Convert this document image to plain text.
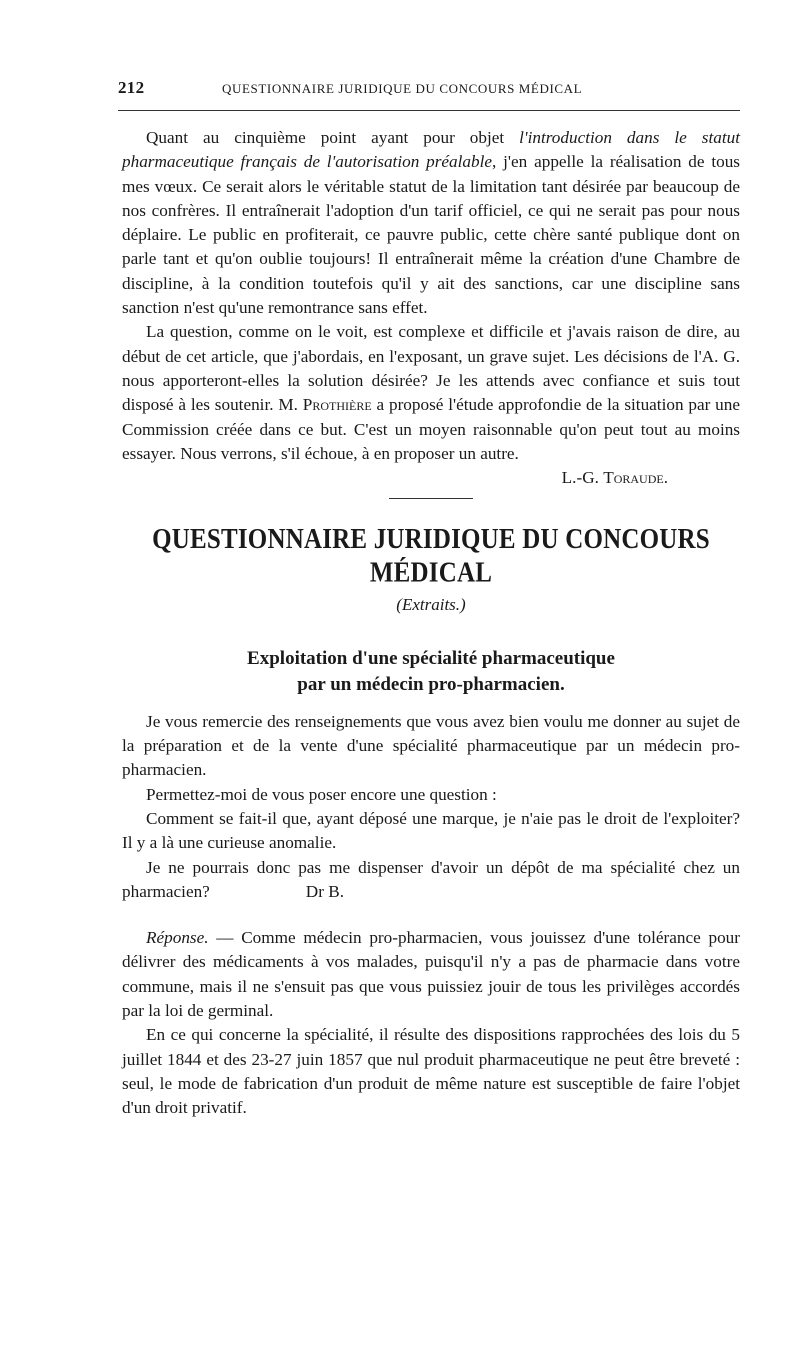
212	QUESTIONNAIRE JURIDIQUE DU CONCOURS MÉDICAL

Quant au cinquième point ayant pour objet l'introduction dans le statut pharmaceutique français de l'autorisation préalable, j'en appelle la réalisation de tous mes vœux. Ce serait alors le véritable statut de la limitation tant désirée par beaucoup de nos confrères. Il entraînerait l'adoption d'un tarif officiel, ce qui ne serait pas pour nous déplaire. Le public en profiterait, ce pauvre public, cette chère santé publique dont on parle tant et qu'on oublie toujours! Il entraînerait même la création d'une Chambre de discipline, à la condition toutefois qu'il y ait des sanctions, car une discipline sans sanction n'est qu'une remontrance sans effet.

La question, comme on le voit, est complexe et difficile et j'avais raison de dire, au début de cet article, que j'abordais, en l'exposant, un grave sujet. Les décisions de l'A. G. nous apporteront-elles la solution désirée? Je les attends avec confiance et suis tout disposé à les soutenir. M. Prothière a proposé l'étude approfondie de la situation par une Commission créée dans ce but. C'est un moyen raisonnable qu'on peut tout au moins essayer. Nous verrons, s'il échoue, à en proposer un autre.

L.-G. Toraude.

QUESTIONNAIRE JURIDIQUE DU CONCOURS MÉDICAL
(Extraits.)
Exploitation d'une spécialité pharmaceutique
par un médecin pro-pharmacien.

Je vous remercie des renseignements que vous avez bien voulu me donner au sujet de la préparation et de la vente d'une spécialité pharmaceutique par un médecin pro-pharmacien.

Permettez-moi de vous poser encore une question :

Comment se fait-il que, ayant déposé une marque, je n'aie pas le droit de l'exploiter? Il y a là une curieuse anomalie.

Je ne pourrais donc pas me dispenser d'avoir un dépôt de ma spécialité chez un pharmacien?	Dr B.

Réponse. — Comme médecin pro-pharmacien, vous jouissez d'une tolérance pour délivrer des médicaments à vos malades, puisqu'il n'y a pas de pharmacie dans votre commune, mais il ne s'ensuit pas que vous puissiez jouir de tous les privilèges accordés par la loi de germinal.

En ce qui concerne la spécialité, il résulte des dispositions rapprochées des lois du 5 juillet 1844 et des 23-27 juin 1857 que nul produit pharmaceutique ne peut être breveté : seul, le mode de fabrication d'un produit de même nature est susceptible de faire l'objet d'un droit privatif.
